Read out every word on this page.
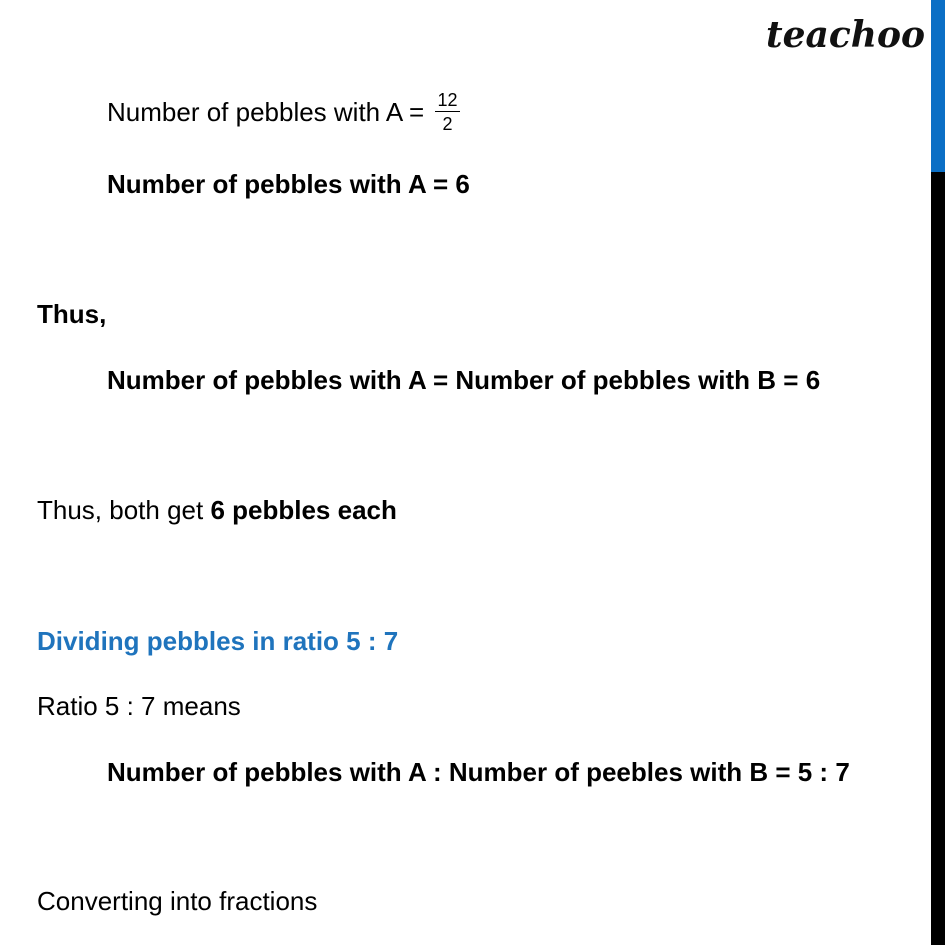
teachoo
Number of pebbles with $A = \frac{12}{2}$
Number of pebbles with A = 6
Thus,
Number of pebbles with A = Number of pebbles with B = 6
Thus, both get 6 pebbles each
Dividing pebbles in ratio 5 : 7
Ratio 5 : 7 means
Number of pebbles with A : Number of peebles with B = 5 : 7
Converting into fractions
